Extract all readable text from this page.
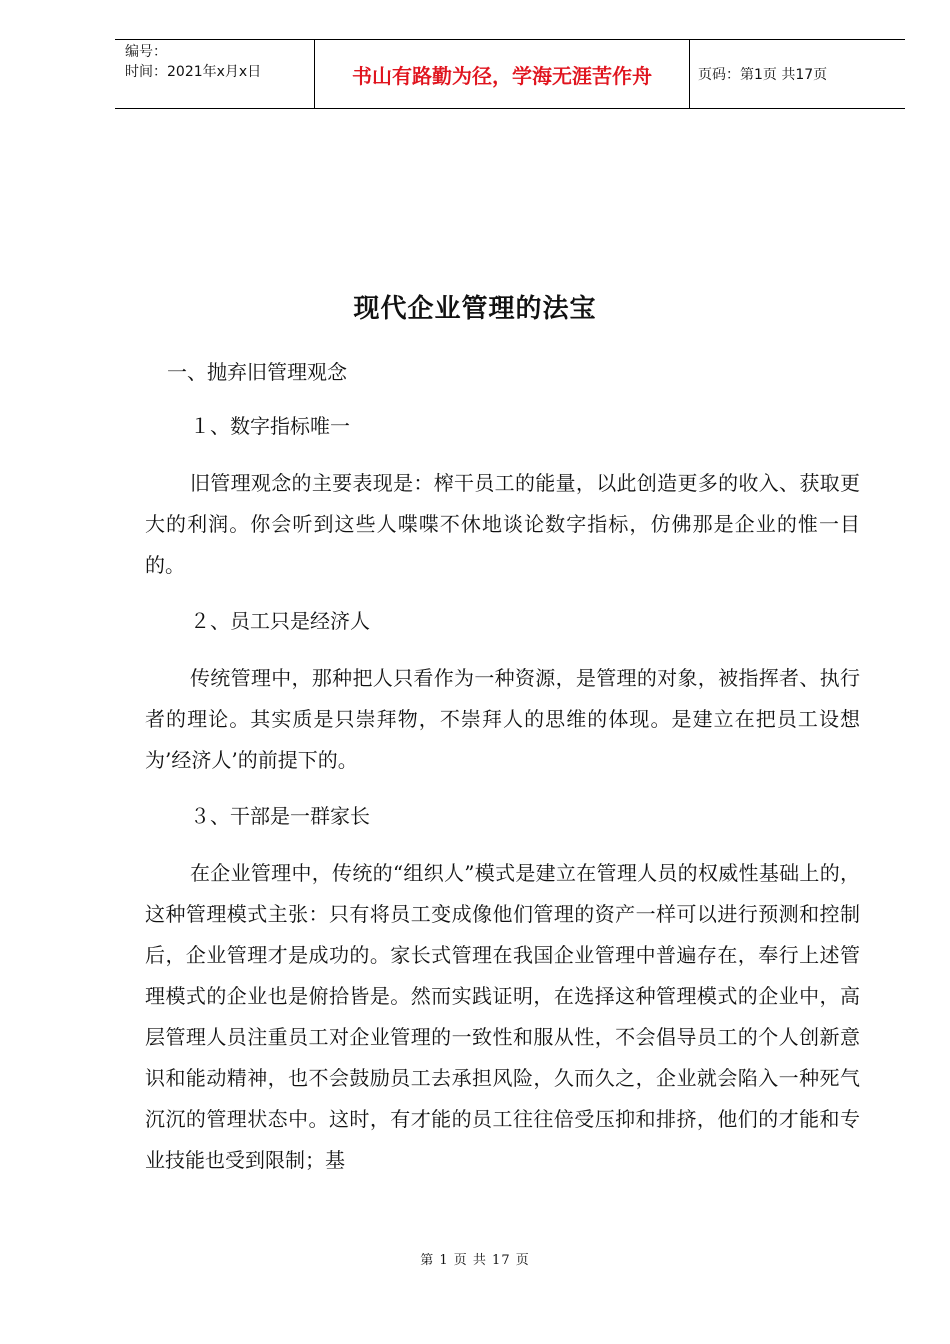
编号：
时间：2021年x月x日	书山有路勤为径，学海无涯苦作舟	页码：第1页 共17页
现代企业管理的法宝

一、抛弃旧管理观念

１、数字指标唯一

旧管理观念的主要表现是：榨干员工的能量，以此创造更多的收入、获取更大的利润。你会听到这些人喋喋不休地谈论数字指标，仿佛那是企业的惟一目的。

２、员工只是经济人

传统管理中，那种把人只看作为一种资源，是管理的对象，被指挥者、执行者的理论。其实质是只崇拜物，不崇拜人的思维的体现。是建立在把员工设想为’经济人’的前提下的。

３、干部是一群家长

在企业管理中，传统的“组织人”模式是建立在管理人员的权威性基础上的，这种管理模式主张：只有将员工变成像他们管理的资产一样可以进行预测和控制后，企业管理才是成功的。家长式管理在我国企业管理中普遍存在，奉行上述管理模式的企业也是俯拾皆是。然而实践证明，在选择这种管理模式的企业中，高层管理人员注重员工对企业管理的一致性和服从性，不会倡导员工的个人创新意识和能动精神，也不会鼓励员工去承担风险，久而久之，企业就会陷入一种死气沉沉的管理状态中。这时，有才能的员工往往倍受压抑和排挤，他们的才能和专业技能也受到限制；基

第 1 页 共 17 页
